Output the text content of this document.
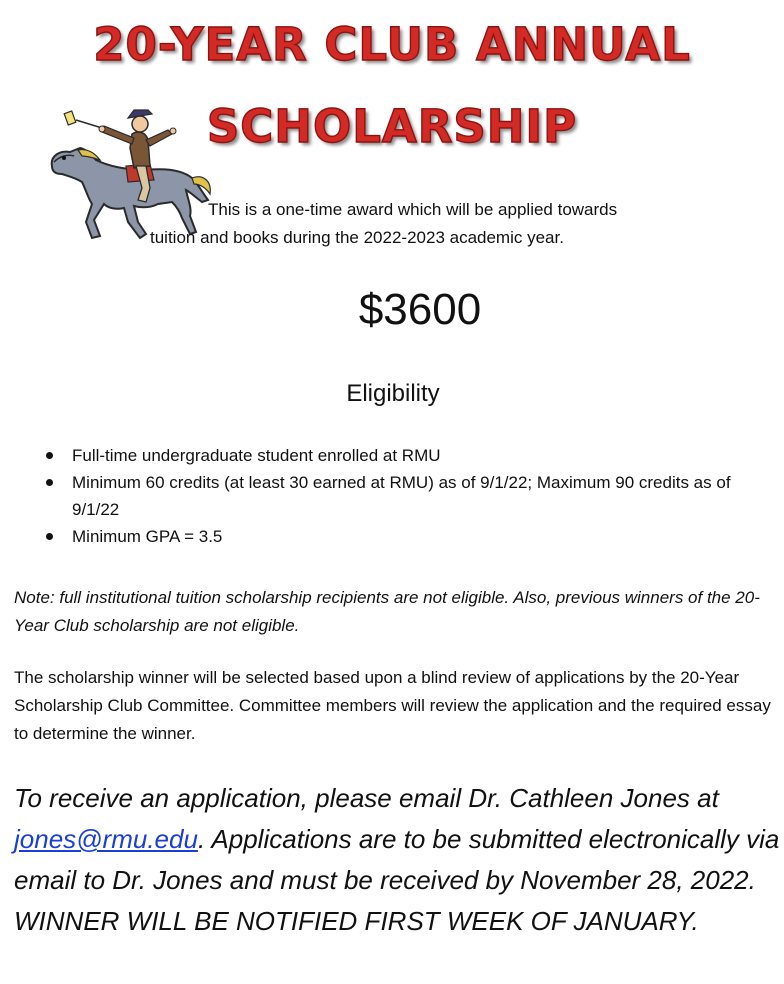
20-YEAR CLUB ANNUAL
SCHOLARSHIP
This is a one-time award which will be applied towards
tuition and books during the 2022-2023 academic year.
$3600
Eligibility
Full-time undergraduate student enrolled at RMU
Minimum 60 credits (at least 30 earned at RMU) as of 9/1/22; Maximum 90 credits as of 9/1/22
Minimum GPA = 3.5
Note: full institutional tuition scholarship recipients are not eligible. Also, previous winners of the 20-Year Club scholarship are not eligible.
The scholarship winner will be selected based upon a blind review of applications by the 20-Year Scholarship Club Committee. Committee members will review the application and the required essay to determine the winner.
To receive an application, please email Dr. Cathleen Jones at jones@rmu.edu. Applications are to be submitted electronically via email to Dr. Jones and must be received by November 28, 2022. WINNER WILL BE NOTIFIED FIRST WEEK OF JANUARY.
